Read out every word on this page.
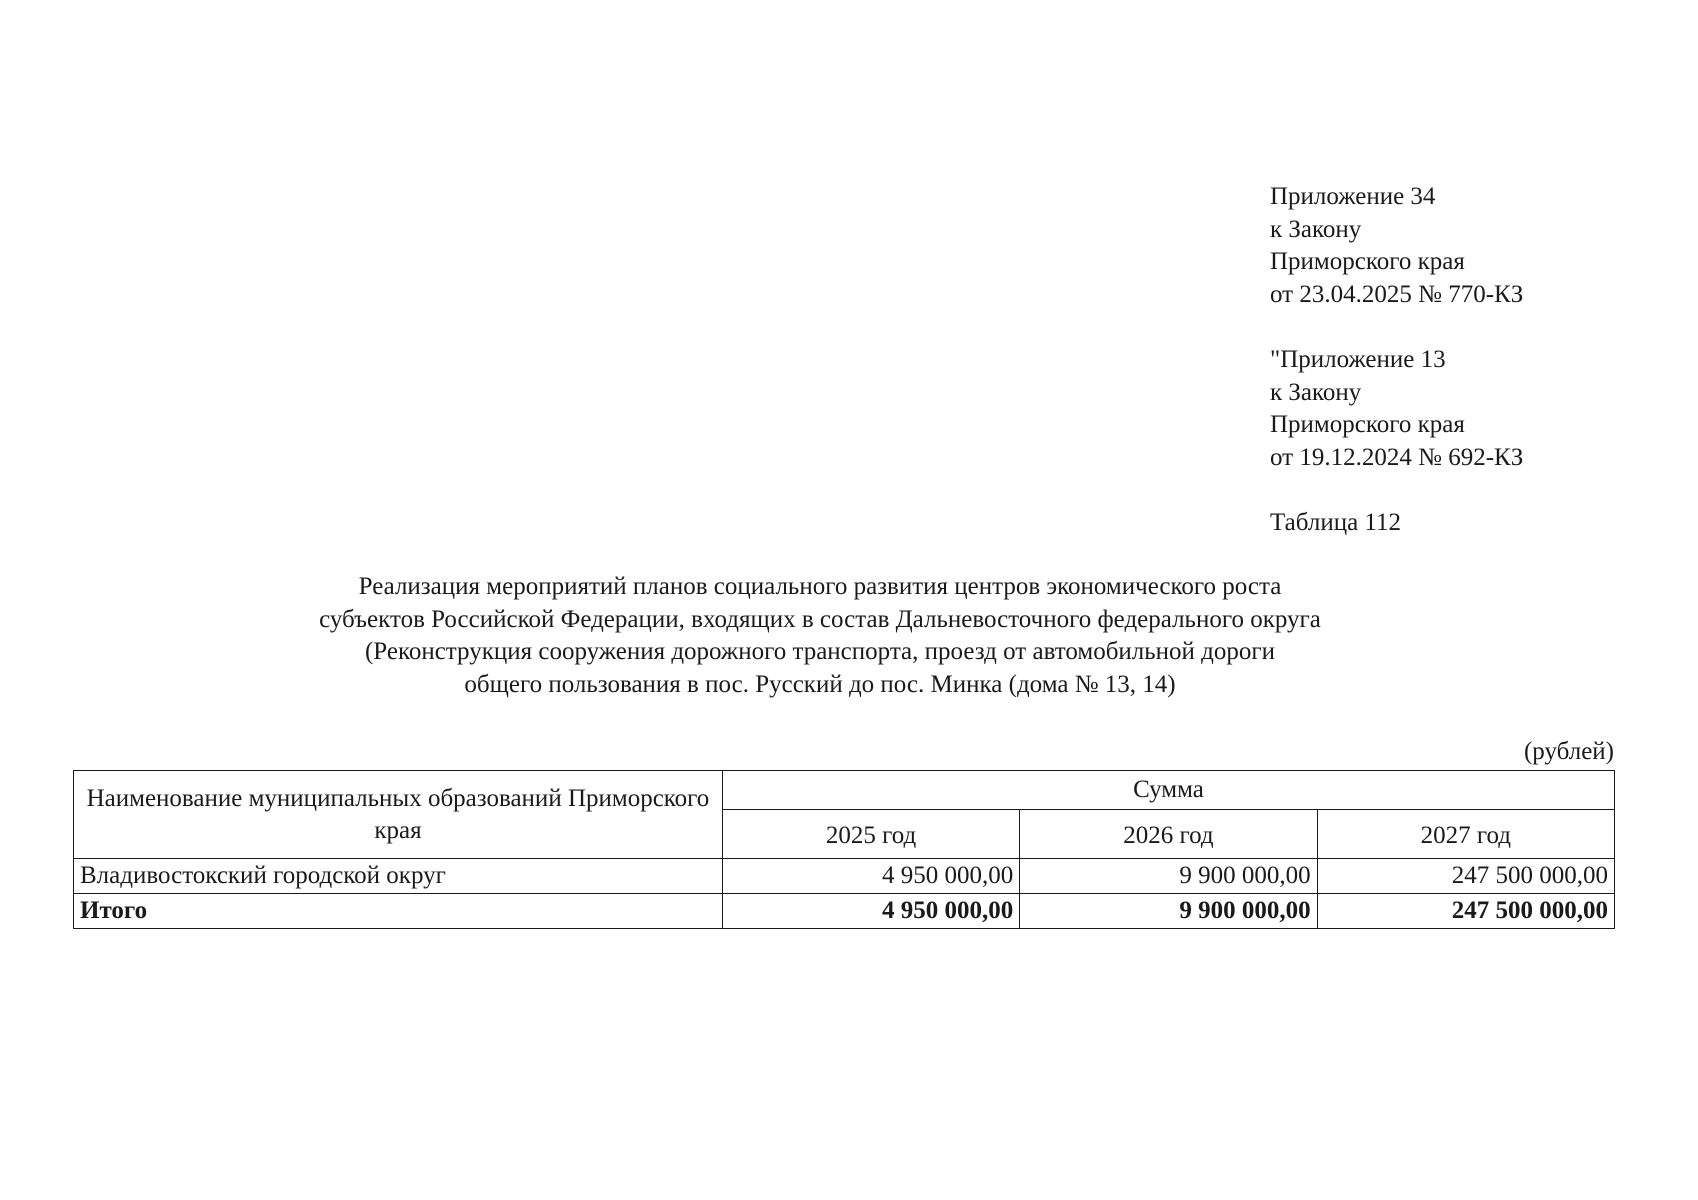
Приложение 34
к Закону
Приморского края
от 23.04.2025 № 770-КЗ
"Приложение 13
к Закону
Приморского края
от 19.12.2024 № 692-КЗ
Таблица 112
Реализация мероприятий планов социального развития центров экономического роста
субъектов Российской Федерации, входящих в состав Дальневосточного федерального округа
(Реконструкция сооружения дорожного транспорта, проезд от автомобильной дороги
общего пользования в пос. Русский до пос. Минка (дома № 13, 14)
(рублей)
Наименование муниципальных образований Приморского края	Сумма		
	2025 год	2026 год	2027 год
Владивостокский городской округ	4 950 000,00	9 900 000,00	247 500 000,00
Итого	4 950 000,00	9 900 000,00	247 500 000,00
